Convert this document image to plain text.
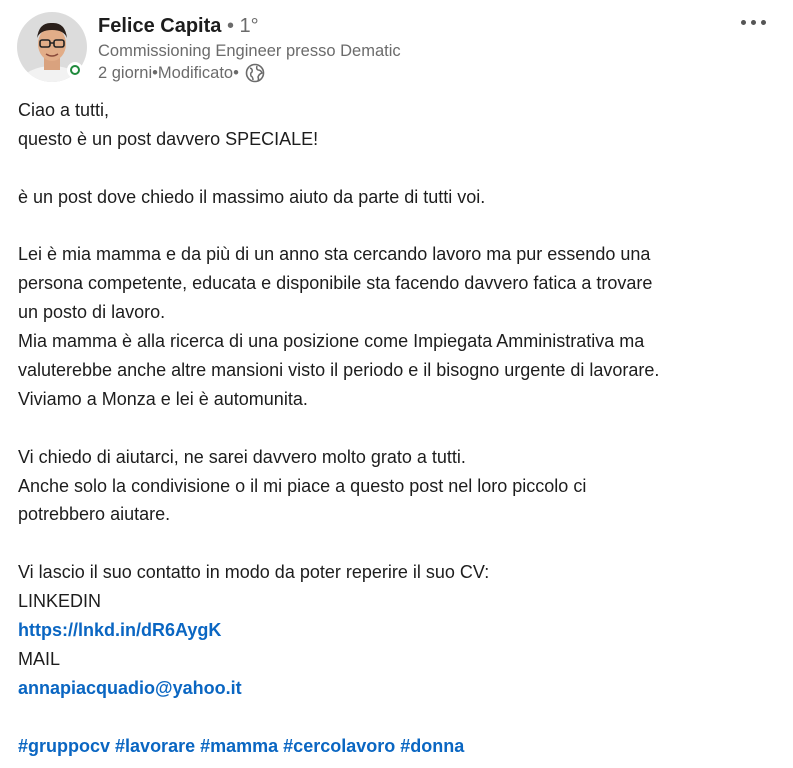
Felice Capita • 1°
Commissioning Engineer presso Dematic
2 giorni • Modificato •
Ciao a tutti,
questo è un post davvero SPECIALE!
è un post dove chiedo il massimo aiuto da parte di tutti voi.
Lei è mia mamma e da più di un anno sta cercando lavoro ma pur essendo una
persona competente, educata e disponibile sta facendo davvero fatica a trovare
un posto di lavoro.
Mia mamma è alla ricerca di una posizione come Impiegata Amministrativa ma
valuterebbe anche altre mansioni visto il periodo e il bisogno urgente di lavorare.
Viviamo a Monza e lei è automunita.
Vi chiedo di aiutarci, ne sarei davvero molto grato a tutti.
Anche solo la condivisione o il mi piace a questo post nel loro piccolo ci
potrebbero aiutare.
Vi lascio il suo contatto in modo da poter reperire il suo CV:
LINKEDIN
https://lnkd.in/dR6AygK
MAIL
annapiacquadio@yahoo.it
#gruppocv #lavorare #mamma #cercolavoro #donna
